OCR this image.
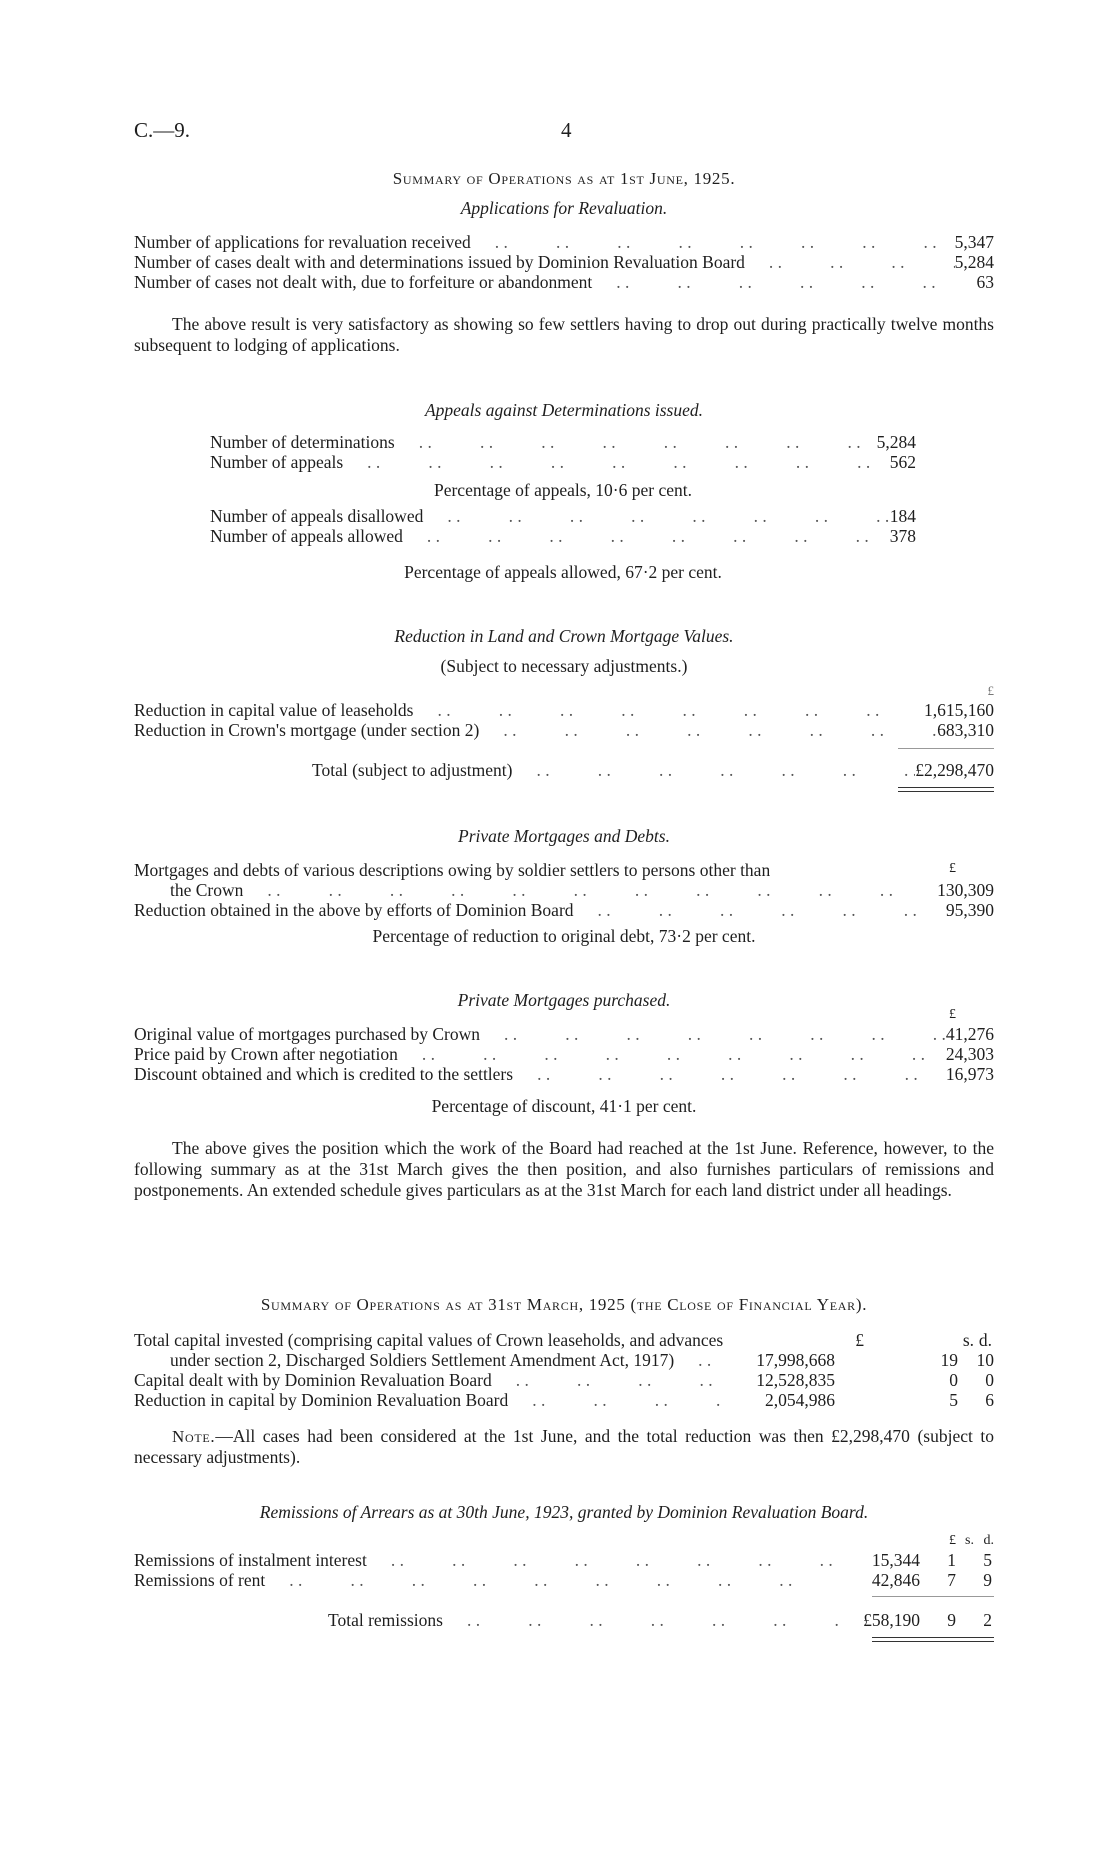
C.—9.	4
Summary of Operations as at 1st June, 1925.
Applications for Revaluation.
Number of applications for revaluation received . .	5,347
Number of cases dealt with and determinations issued by Dominion Revaluation Board . .	5,284
Number of cases not dealt with, due to forfeiture or abandonment . .	63
The above result is very satisfactory as showing so few settlers having to drop out during practically twelve months subsequent to lodging of applications.
Appeals against Determinations issued.
Number of determinations . .	5,284
Number of appeals . .	562
Percentage of appeals, 10·6 per cent.
Number of appeals disallowed . .	184
Number of appeals allowed . .	378
Percentage of appeals allowed, 67·2 per cent.
Reduction in Land and Crown Mortgage Values.
(Subject to necessary adjustments.)
£
Reduction in capital value of leaseholds . .	1,615,160
Reduction in Crown's mortgage (under section 2) . .	683,310
Total (subject to adjustment) . .	£2,298,470
Private Mortgages and Debts.
£
Mortgages and debts of various descriptions owing by soldier settlers to persons other than
the Crown . .	130,309
Reduction obtained in the above by efforts of Dominion Board . .	95,390
Percentage of reduction to original debt, 73·2 per cent.
Private Mortgages purchased.
£
Original value of mortgages purchased by Crown . .	41,276
Price paid by Crown after negotiation . .	24,303
Discount obtained and which is credited to the settlers . .	16,973
Percentage of discount, 41·1 per cent.
The above gives the position which the work of the Board had reached at the 1st June. Reference, however, to the following summary as at the 31st March gives the then position, and also furnishes particulars of remissions and postponements. An extended schedule gives particulars as at the 31st March for each land district under all headings.
Summary of Operations as at 31st March, 1925 (the Close of Financial Year).
£	s. d.
Total capital invested (comprising capital values of Crown leaseholds, and advances
under section 2, Discharged Soldiers Settlement Amendment Act, 1917) . .	17,998,668	19 10
Capital dealt with by Dominion Revaluation Board . .	12,528,835	0 0
Reduction in capital by Dominion Revaluation Board . .	2,054,986	5 6
Note.—All cases had been considered at the 1st June, and the total reduction was then £2,298,470 (subject to necessary adjustments).
Remissions of Arrears as at 30th June, 1923, granted by Dominion Revaluation Board.
£ s. d.
Remissions of instalment interest . .	15,344 1 5
Remissions of rent . .	42,846 7 9
Total remissions . .	£58,190 9 2
